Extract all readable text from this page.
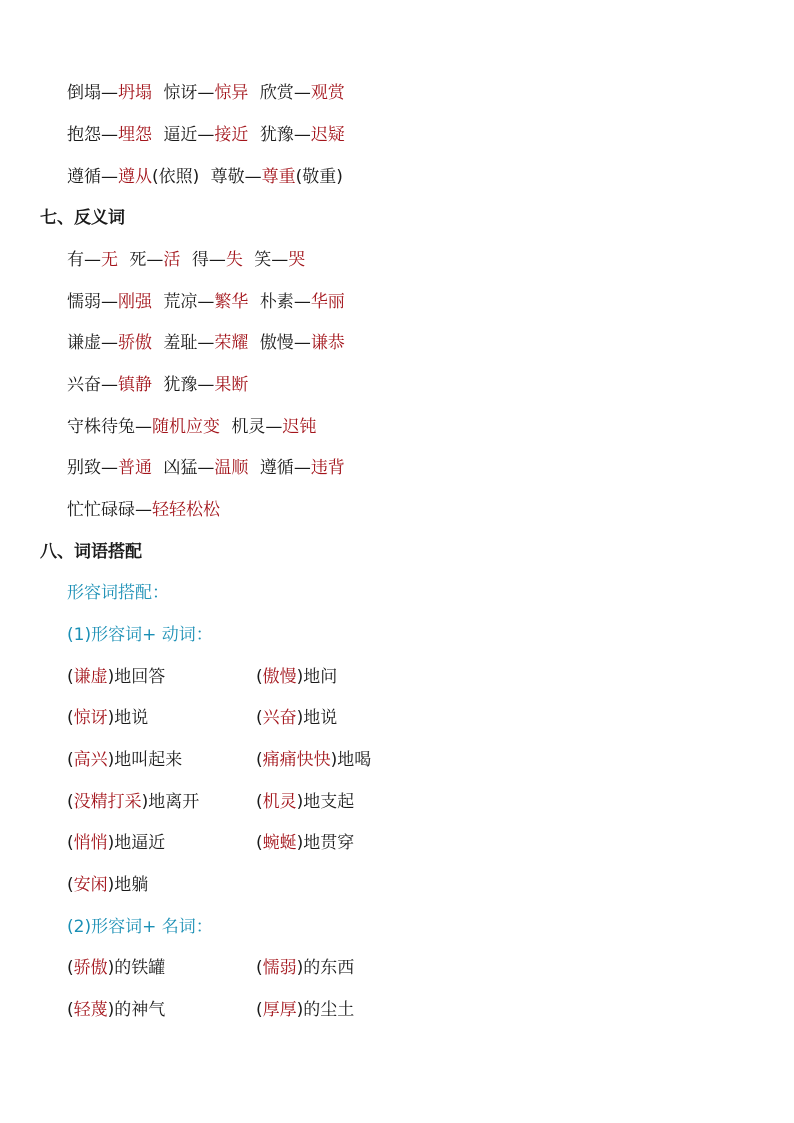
倒塌—坍塌 惊讶—惊异 欣赏—观赏
抱怨—埋怨 逼近—接近 犹豫—迟疑
遵循—遵从(依照) 尊敬—尊重(敬重)
七、反义词
有—无 死—活 得—失 笑—哭
懦弱—刚强 荒凉—繁华 朴素—华丽
谦虚—骄傲 羞耻—荣耀 傲慢—谦恭
兴奋—镇静 犹豫—果断
守株待兔—随机应变 机灵—迟钝
别致—普通 凶猛—温顺 遵循—违背
忙忙碌碌—轻轻松松
八、词语搭配
形容词搭配：
(1)形容词+ 动词：
(谦虚)地回答	(傲慢)地问
(惊讶)地说	(兴奋)地说
(高兴)地叫起来	(痛痛快快)地喝
(没精打采)地离开	(机灵)地支起
(悄悄)地逼近	(蜿蜒)地贯穿
(安闲)地躺
(2)形容词+ 名词：
(骄傲)的铁罐	(懦弱)的东西
(轻蔑)的神气	(厚厚)的尘土
